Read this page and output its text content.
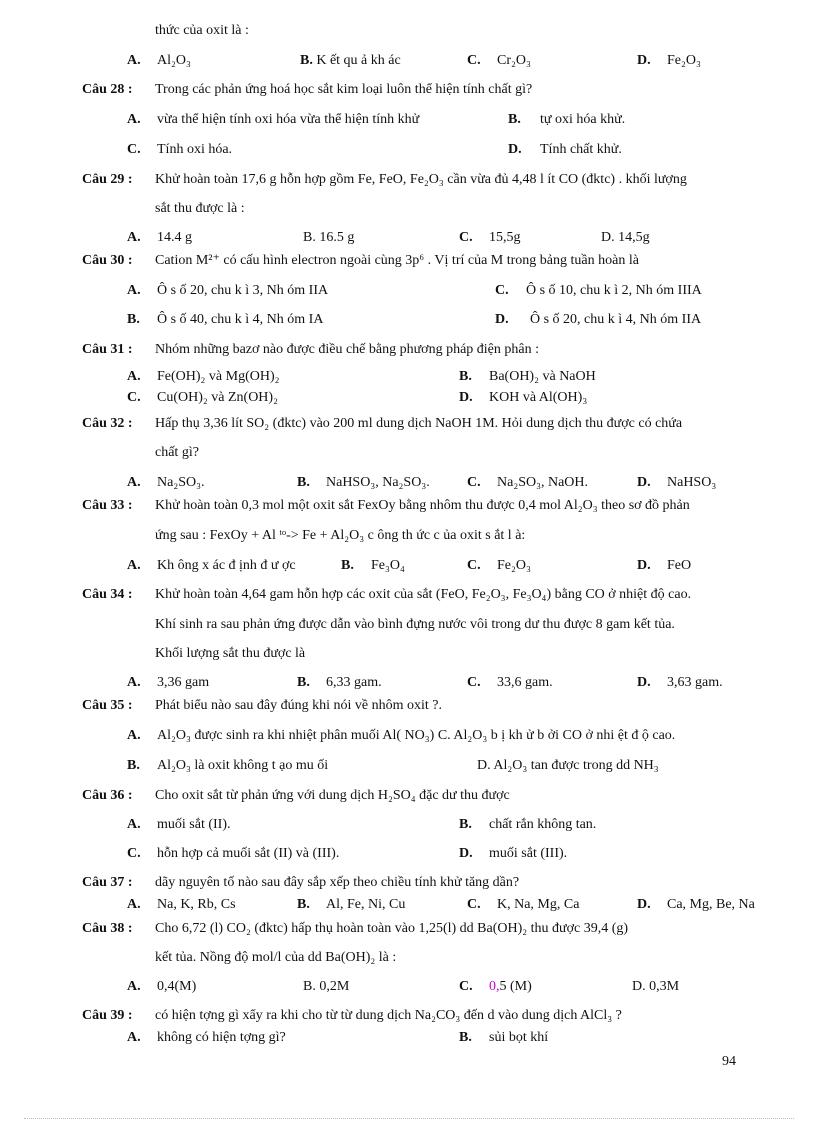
thức của oxit là :
A. Al₂O₃	B. K ết qu ả kh ác	C. Cr₂O₃	D. Fe₂O₃
Câu 28 : Trong các phản ứng hoá học sắt kim loại luôn thể hiện tính chất gì?
A. vừa thể hiện tính oxi hóa vừa thể hiện tính khử	B. tự oxi hóa khử.
C. Tính oxi hóa.	D. Tính chất khử.
Câu 29 : Khử hoàn toàn 17,6 g hỗn hợp gồm Fe, FeO, Fe₂O₃ cần vừa đủ 4,48 l ít CO (đktc) . khối lượng
sắt thu được là :
A. 14.4 g	B. 16.5 g	C. 15,5g	D. 14,5g
Câu 30 : Cation M²⁺ có cấu hình electron ngoài cùng 3p⁶ . Vị trí của M trong bảng tuần hoàn là
A. Ô s ố 20, chu k ì 3, Nh óm IIA	C. Ô s ố 10, chu k ì 2, Nh óm IIIA
B. Ô s ố 40, chu k ì 4, Nh óm IA	D. Ô s ố 20, chu k ì 4, Nh óm IIA
Câu 31 : Nhóm những bazơ nào được điều chế bằng phương pháp điện phân :
A. Fe(OH)₂ và Mg(OH)₂	B. Ba(OH)₂ và NaOH
C. Cu(OH)₂ và Zn(OH)₂	D. KOH và Al(OH)₃
Câu 32 : Hấp thụ 3,36 lít SO₂ (đktc) vào 200 ml dung dịch NaOH 1M. Hỏi dung dịch thu được có chứa
chất gì?
A. Na₂SO₃.	B. NaHSO₃, Na₂SO₃.	C. Na₂SO₃, NaOH.	D. NaHSO₃
Câu 33 : Khử hoàn toàn 0,3 mol một oxit sắt FexOy bằng nhôm thu được 0,4 mol Al₂O₃ theo sơ đồ phản
ứng sau : FexOy + Al ᵗᵒ-> Fe + Al₂O₃ c ông th ức c ủa oxit s ắt l à:
A. Kh ông x ác đ ịnh đ ư ợc	B. Fe₃O₄	C. Fe₂O₃	D. FeO
Câu 34 : Khử hoàn toàn 4,64 gam hỗn hợp các oxit của sắt (FeO, Fe₂O₃, Fe₃O₄) bằng CO ở nhiệt độ cao.
Khí sinh ra sau phản ứng được dẫn vào bình đựng nước vôi trong dư thu được 8 gam kết tủa.
Khối lượng sắt thu được là
A. 3,36 gam	B. 6,33 gam.	C. 33,6 gam.	D. 3,63 gam.
Câu 35 : Phát biểu nào sau đây đúng khi nói về nhôm oxit ?.
A. Al₂O₃ được sinh ra khi nhiệt phân muối Al( NO₃) C. Al₂O₃ b ị kh ử b ởi CO ở nhi ệt đ ộ cao.
B. Al₂O₃ là oxit không t ạo mu ối	D. Al₂O₃ tan được trong dd NH₃
Câu 36 : Cho oxit sắt từ phản ứng với dung dịch H₂SO₄ đặc dư thu được
A. muối sắt (II).	B. chất rắn không tan.
C. hỗn hợp cả muối sắt (II) và (III).	D. muối sắt (III).
Câu 37 : dãy nguyên tố nào sau đây sắp xếp theo chiều tính khử tăng dần?
A. Na, K, Rb, Cs	B. Al, Fe, Ni, Cu	C. K, Na, Mg, Ca	D. Ca, Mg, Be, Na
Câu 38 : Cho 6,72 (l) CO₂ (đktc) hấp thụ hoàn toàn vào 1,25(l) dd Ba(OH)₂ thu được 39,4 (g)
kết tủa. Nồng độ mol/l của dd Ba(OH)₂ là :
A. 0,4(M)	B. 0,2M	C. 0,5 (M)	D. 0,3M
Câu 39 : có hiện tợng gì xẩy ra khi cho từ từ dung dịch Na₂CO₃ đến d vào dung dịch AlCl₃ ?
A. không có hiện tợng gì?	B. sủi bọt khí
94
